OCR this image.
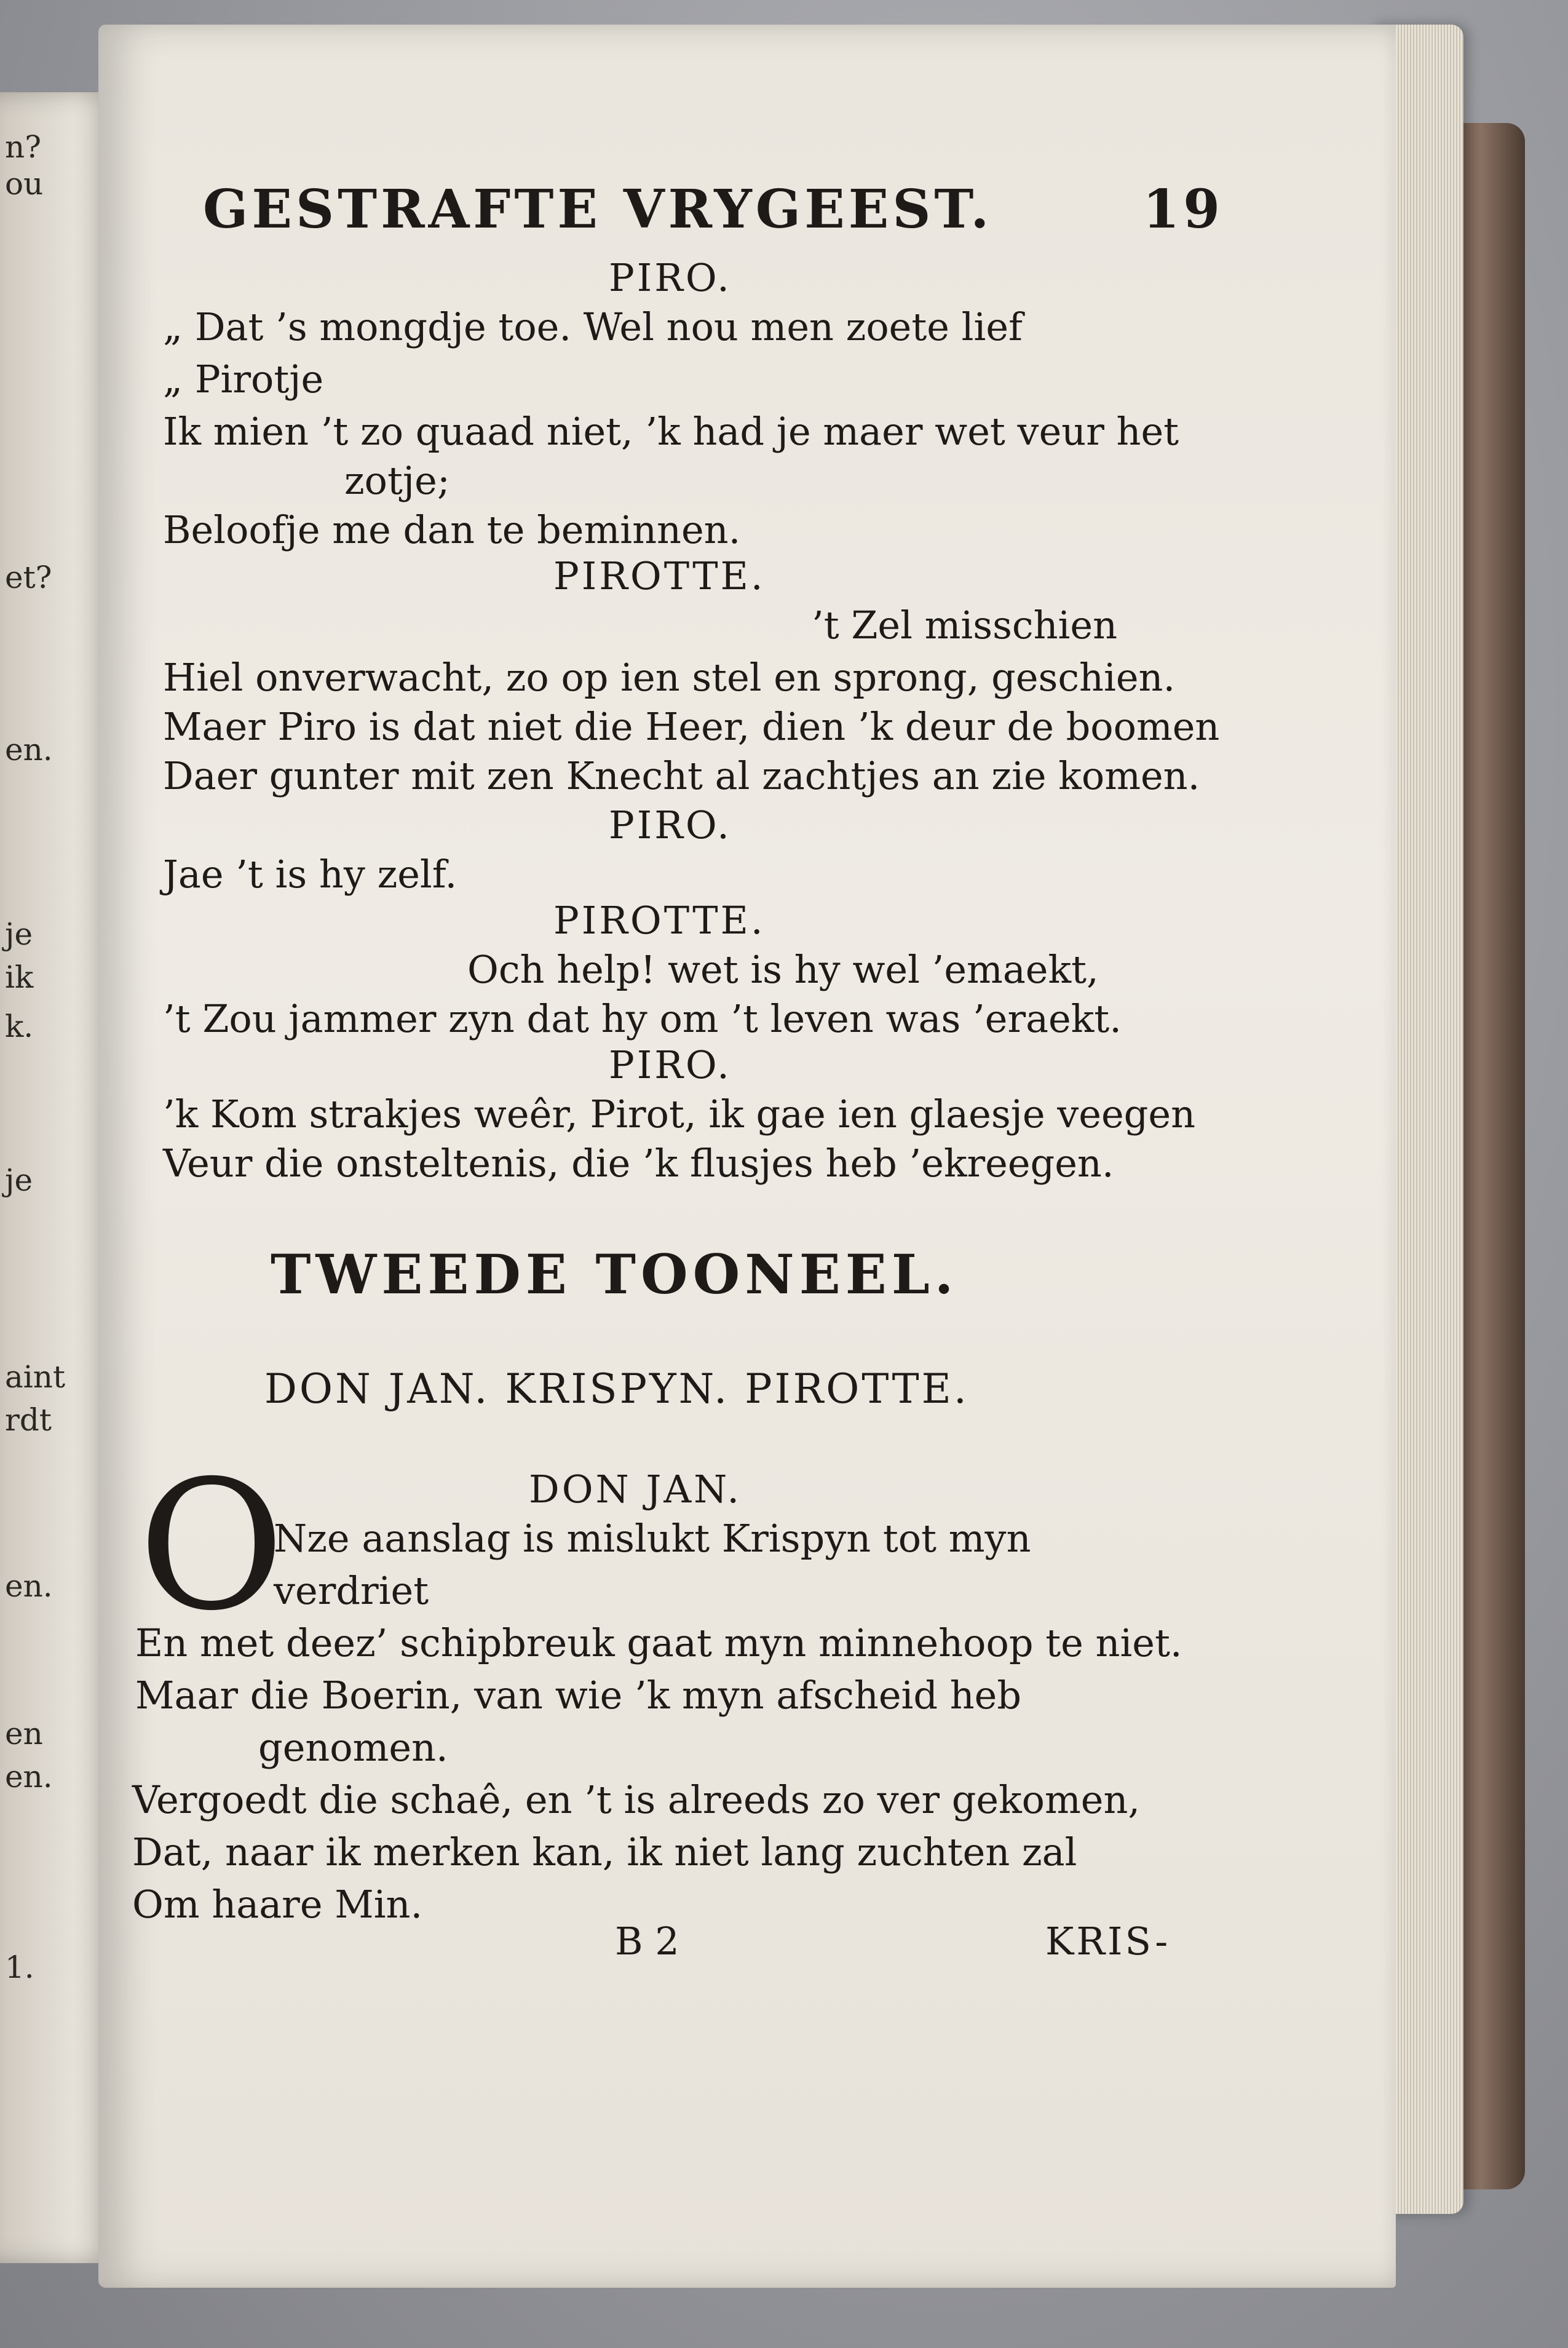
n?
ou
et?
en.
je
ik
k.
je
aint
rdt
en.
en
en.
1.
GESTRAFTE VRYGEEST.	19
PIRO.
„ Dat ’s mongdje toe. Wel nou men zoete lief
„ Pirotje
Ik mien ’t zo quaad niet, ’k had je maer wet veur het
zotje;
Beloofje me dan te beminnen.
PIROTTE.
’t Zel misschien
Hiel onverwacht, zo op ien stel en sprong, geschien.
Maer Piro is dat niet die Heer, dien ’k deur de boomen
Daer gunter mit zen Knecht al zachtjes an zie komen.
PIRO.
Jae ’t is hy zelf.
PIROTTE.
Och help! wet is hy wel ’emaekt,
’t Zou jammer zyn dat hy om ’t leven was ’eraekt.
PIRO.
’k Kom strakjes weêr, Pirot, ik gae ien glaesje veegen
Veur die onsteltenis, die ’k flusjes heb ’ekreegen.
TWEEDE TOONEEL.
DON JAN. KRISPYN. PIROTTE.
O	DON JAN.
Nze aanslag is mislukt Krispyn tot myn
verdriet
En met deez’ schipbreuk gaat myn minnehoop te niet.
Maar die Boerin, van wie ’k myn afscheid heb
genomen.
Vergoedt die schaê, en ’t is alreeds zo ver gekomen,
Dat, naar ik merken kan, ik niet lang zuchten zal
Om haare Min.
B 2	KRIS-
